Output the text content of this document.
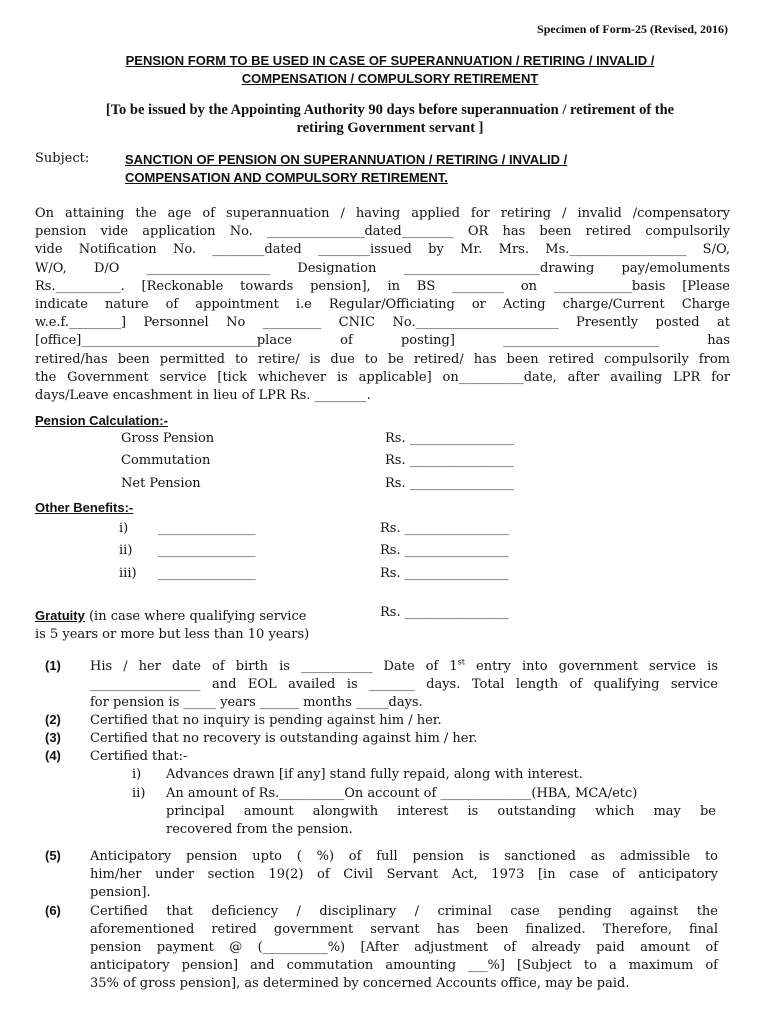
Specimen of Form-25 (Revised, 2016)
PENSION FORM TO BE USED IN CASE OF SUPERANNUATION / RETIRING / INVALID /
COMPENSATION / COMPULSORY RETIREMENT
[To be issued by the Appointing Authority 90 days before superannuation / retirement of the
retiring Government servant ]
Subject:	SANCTION OF PENSION ON SUPERANNUATION / RETIRING / INVALID /
COMPENSATION AND COMPULSORY RETIREMENT.
On attaining the age of superannuation / having applied for retiring / invalid /compensatory
pension vide application No. _______________dated________ OR has been retired compulsorily
vide Notification No. ________dated ________issued by Mr. Mrs. Ms.__________________ S/O,
W/O, D/O ___________________ Designation _____________________drawing pay/emoluments
Rs.__________. [Reckonable towards pension], in BS ________ on ____________basis [Please
indicate nature of appointment i.e Regular/Officiating or Acting charge/Current Charge
w.e.f.________] Personnel No _________ CNIC No.______________________ Presently posted at
[office]___________________________place of posting] ________________________ has
retired/has been permitted to retire/ is due to be retired/ has been retired compulsorily from
the Government service [tick whichever is applicable] on__________date, after availing LPR for
days/Leave encashment in lieu of LPR Rs. ________.
Pension Calculation:-
Gross Pension	Rs. ________________
Commutation	Rs. ________________
Net Pension	Rs. ________________
Other Benefits:-
i) _______________	Rs. ________________
ii) _______________	Rs. ________________
iii) _______________	Rs. ________________
Gratuity (in case where qualifying service
is 5 years or more but less than 10 years)
Rs. ________________
(1) His / her date of birth is ___________ Date of 1st entry into government service is
_________________ and EOL availed is _______ days. Total length of qualifying service
for pension is _____ years ______ months _____days.
(2) Certified that no inquiry is pending against him / her.
(3) Certified that no recovery is outstanding against him / her.
(4) Certified that:-
i) Advances drawn [if any] stand fully repaid, along with interest.
ii) An amount of Rs.__________On account of ______________(HBA, MCA/etc)
principal amount alongwith interest is outstanding which may be
recovered from the pension.
(5) Anticipatory pension upto ( %) of full pension is sanctioned as admissible to
him/her under section 19(2) of Civil Servant Act, 1973 [in case of anticipatory
pension].
(6) Certified that deficiency / disciplinary / criminal case pending against the
aforementioned retired government servant has been finalized. Therefore, final
pension payment @ (__________%) [After adjustment of already paid amount of
anticipatory pension] and commutation amounting ___%] [Subject to a maximum of
35% of gross pension], as determined by concerned Accounts office, may be paid.
